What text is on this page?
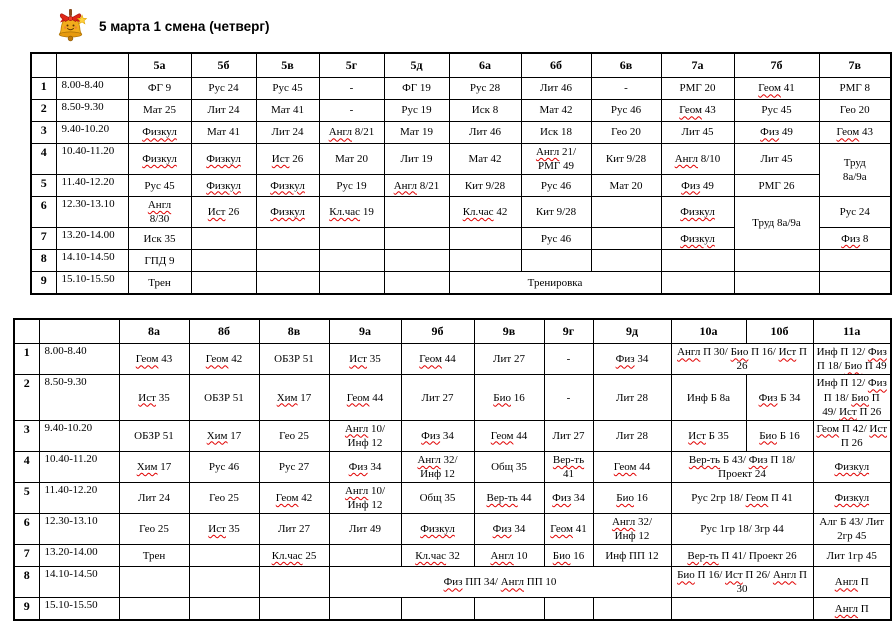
5 марта 1 смена (четверг)
		5а	5б	5в	5г	5д	6а	6б	6в	7а	7б	7в
1	8.00-8.40	ФГ 9	Рус 24	Рус 45	-	ФГ 19	Рус 28	Лит 46	-	РМГ 20	Геом 41	РМГ 8
2	8.50-9.30	Мат 25	Лит 24	Мат 41	-	Рус 19	Иск 8	Мат 42	Рус 46	Геом 43	Рус 45	Гео 20
3	9.40-10.20	Физкул	Мат 41	Лит 24	Англ 8/21	Мат 19	Лит 46	Иск 18	Гео 20	Лит 45	Физ 49	Геом 43
4	10.40-11.20	Физкул	Физкул	Ист 26	Мат 20	Лит 19	Мат 42	Англ 21/
РМГ 49	Кит 9/28	Англ 8/10	Лит 45	Труд
8а/9а
5	11.40-12.20	Рус 45	Физкул	Физкул	Рус 19	Англ 8/21	Кит 9/28	Рус 46	Мат 20	Физ 49	РМГ 26	
6	12.30-13.10	Англ
8/30	Ист 26	Физкул	Кл.час 19		Кл.час 42	Кит 9/28		Физкул	Труд 8а/9а	Рус 24
7	13.20-14.00	Иск 35						Рус 46		Физкул		Физ 8
8	14.10-14.50	ГПД 9										
9	15.10-15.50	Трен					Тренировка					
		8а	8б	8в	9а	9б	9в	9г	9д	10а	10б	11а
1	8.00-8.40	Геом 43	Геом 42	ОБЗР 51	Ист 35	Геом 44	Лит 27	-	Физ 34	Англ П 30/ Био П 16/ Ист П 26		Инф П 12/ Физ П 18/ Био П 49
2	8.50-9.30	Ист 35	ОБЗР 51	Хим 17	Геом 44	Лит 27	Био 16	-	Лит 28	Инф Б 8а	Физ Б 34	Инф П 12/ Физ П 18/ Био П 49/ Ист П 26
3	9.40-10.20	ОБЗР 51	Хим 17	Гео 25	Англ 10/
Инф 12	Физ 34	Геом 44	Лит 27	Лит 28	Ист Б 35	Био Б 16	Геом П 42/ Ист П 26
4	10.40-11.20	Хим 17	Рус 46	Рус 27	Физ 34	Англ 32/
Инф 12	Общ 35	Вер-ть 41	Геом 44	Вер-ть Б 43/ Физ П 18/ Проект 24		Физкул
5	11.40-12.20	Лит 24	Гео 25	Геом 42	Англ 10/
Инф 12	Общ 35	Вер-ть 44	Физ 34	Био 16	Рус 2гр 18/ Геом П 41		Физкул
6	12.30-13.10	Гео 25	Ист 35	Лит 27	Лит 49	Физкул	Физ 34	Геом 41	Англ 32/
Инф 12	Рус 1гр 18/ 3гр 44		Алг Б 43/ Лит 2гр 45
7	13.20-14.00	Трен		Кл.час 25		Кл.час 32	Англ 10	Био 16	Инф ПП 12	Вер-ть П 41/ Проект 26		Лит 1гр 45
8	14.10-14.50				Физ ПП 34/ Англ ПП 10					Био П 16/ Ист П 26/ Англ П 30		Англ П
9	15.10-15.50											Англ П
